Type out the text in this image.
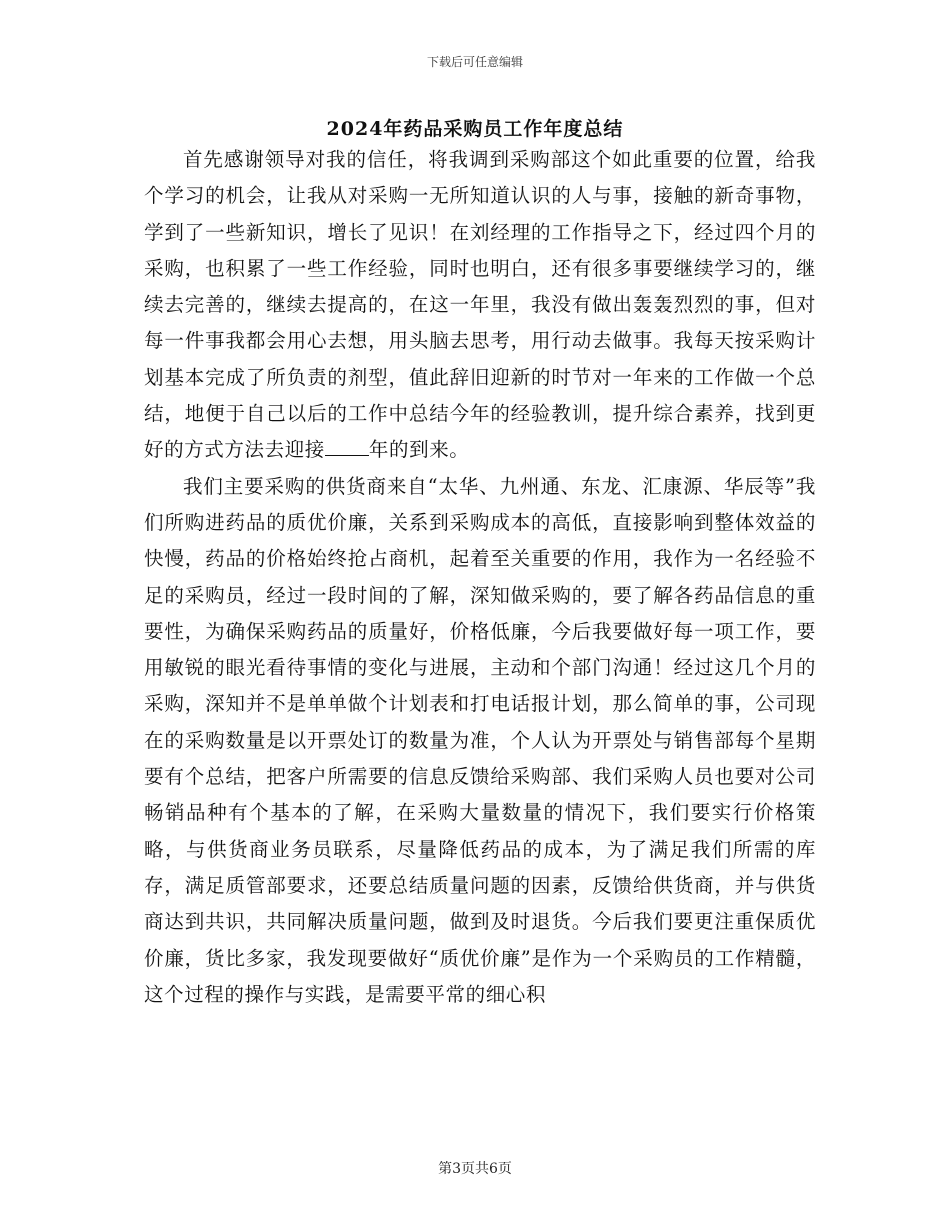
下载后可任意编辑
2024年药品采购员工作年度总结

首先感谢领导对我的信任，将我调到采购部这个如此重要的位置，给我个学习的机会，让我从对采购一无所知道认识的人与事，接触的新奇事物，学到了一些新知识，增长了见识！在刘经理的工作指导之下，经过四个月的采购，也积累了一些工作经验，同时也明白，还有很多事要继续学习的，继续去完善的，继续去提高的，在这一年里，我没有做出轰轰烈烈的事，但对每一件事我都会用心去想，用头脑去思考，用行动去做事。我每天按采购计划基本完成了所负责的剂型，值此辞旧迎新的时节对一年来的工作做一个总结，地便于自己以后的工作中总结今年的经验教训，提升综合素养，找到更好的方式方法去迎接 年的到来。

我们主要采购的供货商来自“太华、九州通、东龙、汇康源、华辰等”我们所购进药品的质优价廉，关系到采购成本的高低，直接影响到整体效益的快慢，药品的价格始终抢占商机，起着至关重要的作用，我作为一名经验不足的采购员，经过一段时间的了解，深知做采购的，要了解各药品信息的重要性，为确保采购药品的质量好，价格低廉，今后我要做好每一项工作，要用敏锐的眼光看待事情的变化与进展，主动和个部门沟通！经过这几个月的采购，深知并不是单单做个计划表和打电话报计划，那么简单的事，公司现在的采购数量是以开票处订的数量为准，个人认为开票处与销售部每个星期要有个总结，把客户所需要的信息反馈给采购部、我们采购人员也要对公司畅销品种有个基本的了解，在采购大量数量的情况下，我们要实行价格策略，与供货商业务员联系，尽量降低药品的成本，为了满足我们所需的库存，满足质管部要求，还要总结质量问题的因素，反馈给供货商，并与供货商达到共识，共同解决质量问题，做到及时退货。今后我们要更注重保质优价廉，货比多家，我发现要做好“质优价廉”是作为一个采购员的工作精髓，这个过程的操作与实践，是需要平常的细心积

第3页共6页
